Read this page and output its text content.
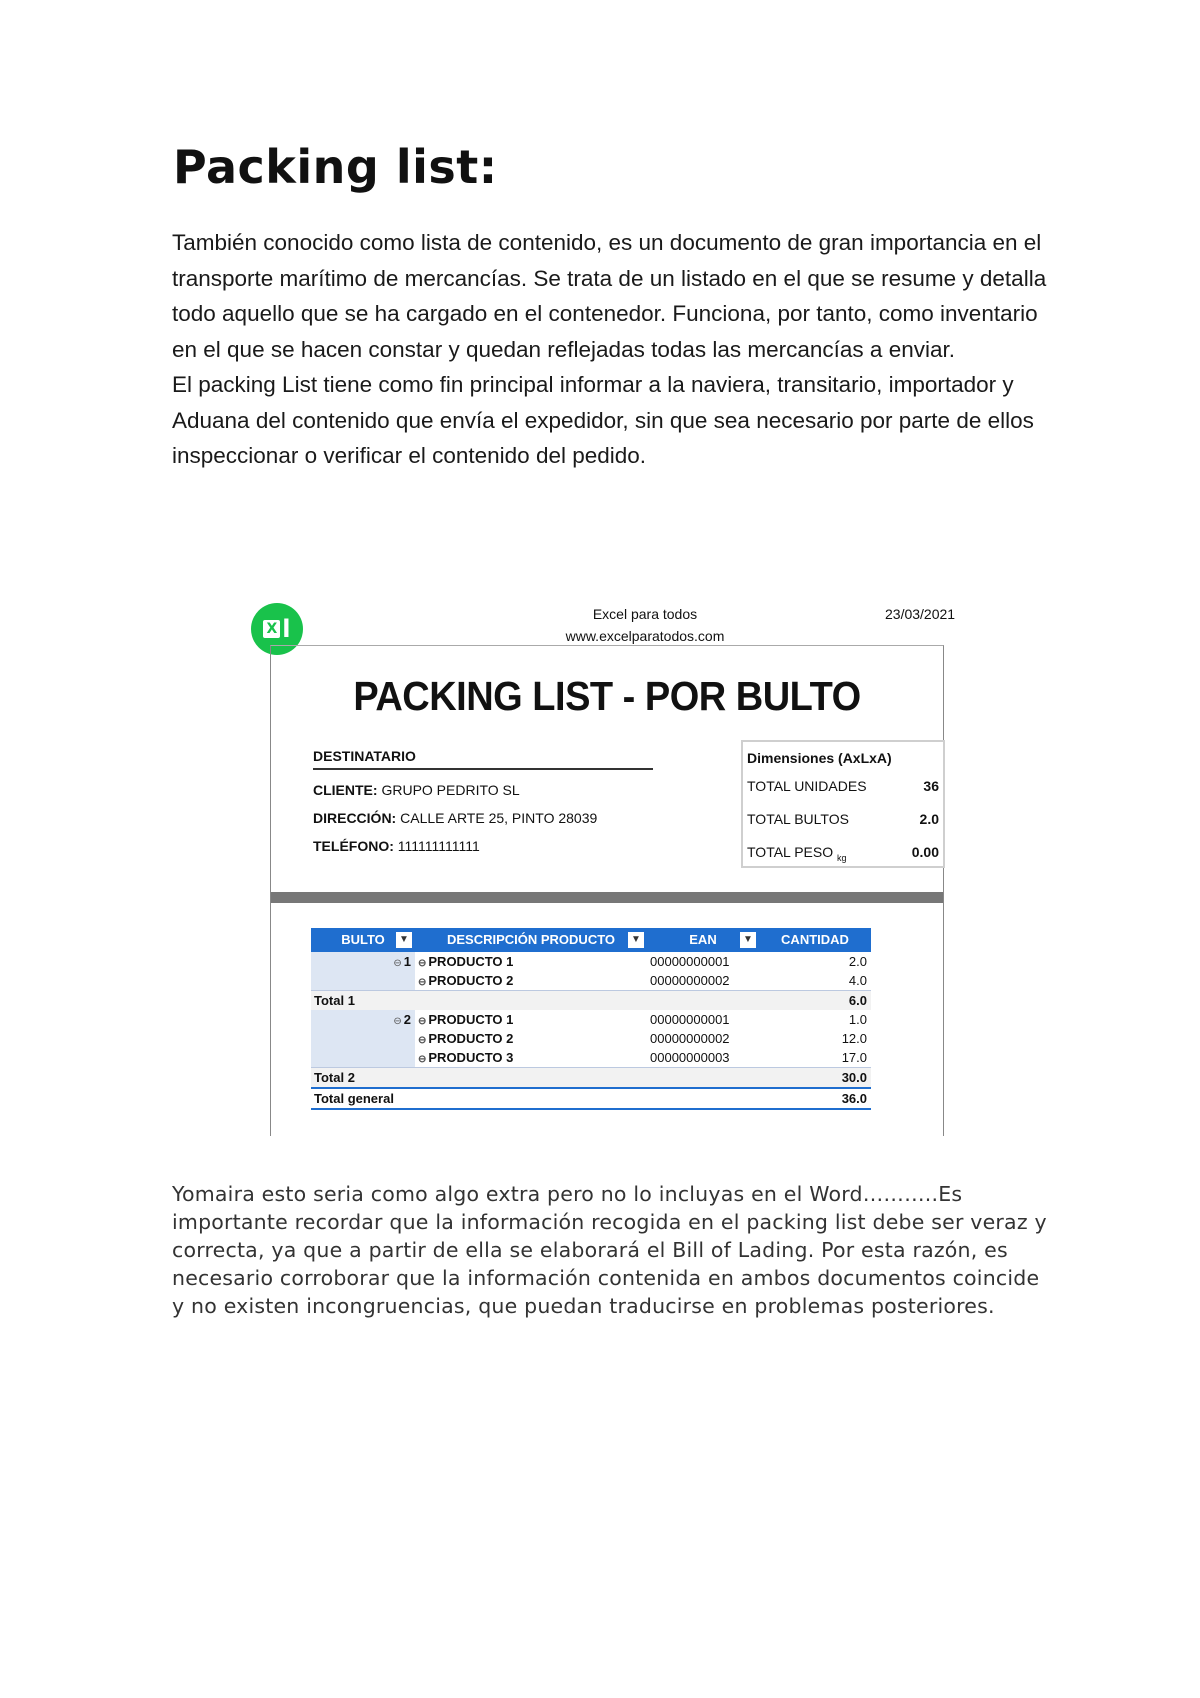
Packing list:

También conocido como lista de contenido, es un documento de gran importancia en el transporte marítimo de mercancías. Se trata de un listado en el que se resume y detalla todo aquello que se ha cargado en el contenedor. Funciona, por tanto, como inventario en el que se hacen constar y quedan reflejadas todas las mercancías a enviar.

El packing List tiene como fin principal informar a la naviera, transitario, importador y Aduana del contenido que envía el expedidor, sin que sea necesario por parte de ellos inspeccionar o verificar el contenido del pedido.

X l
Excel para todos
www.excelparatodos.com
23/03/2021
PACKING LIST - POR BULTO
DESTINATARIO
CLIENTE: GRUPO PEDRITO SL
DIRECCIÓN: CALLE ARTE 25, PINTO 28039
TELÉFONO: 111111111111
Dimensiones (AxLxA)
TOTAL UNIDADES	36
TOTAL BULTOS	2.0
TOTAL PESO $_{kg}$	0.00
BULTO	▼	DESCRIPCIÓN PRODUCTO	▼	EAN	▼	CANTIDAD
⊖ 1 ⊖ PRODUCTO 1	00000000001	2.0
⊖ PRODUCTO 2	00000000002	4.0
Total 1	6.0
⊖ 2 ⊖ PRODUCTO 1	00000000001	1.0
⊖ PRODUCTO 2	00000000002	12.0
⊖ PRODUCTO 3	00000000003	17.0
Total 2	30.0
Total general	36.0
Yomaira esto seria como algo extra pero no lo incluyas en el Word………..Es importante recordar que la información recogida en el packing list debe ser veraz y correcta, ya que a partir de ella se elaborará el Bill of Lading. Por esta razón, es necesario corroborar que la información contenida en ambos documentos coincide y no existen incongruencias, que puedan traducirse en problemas posteriores.
